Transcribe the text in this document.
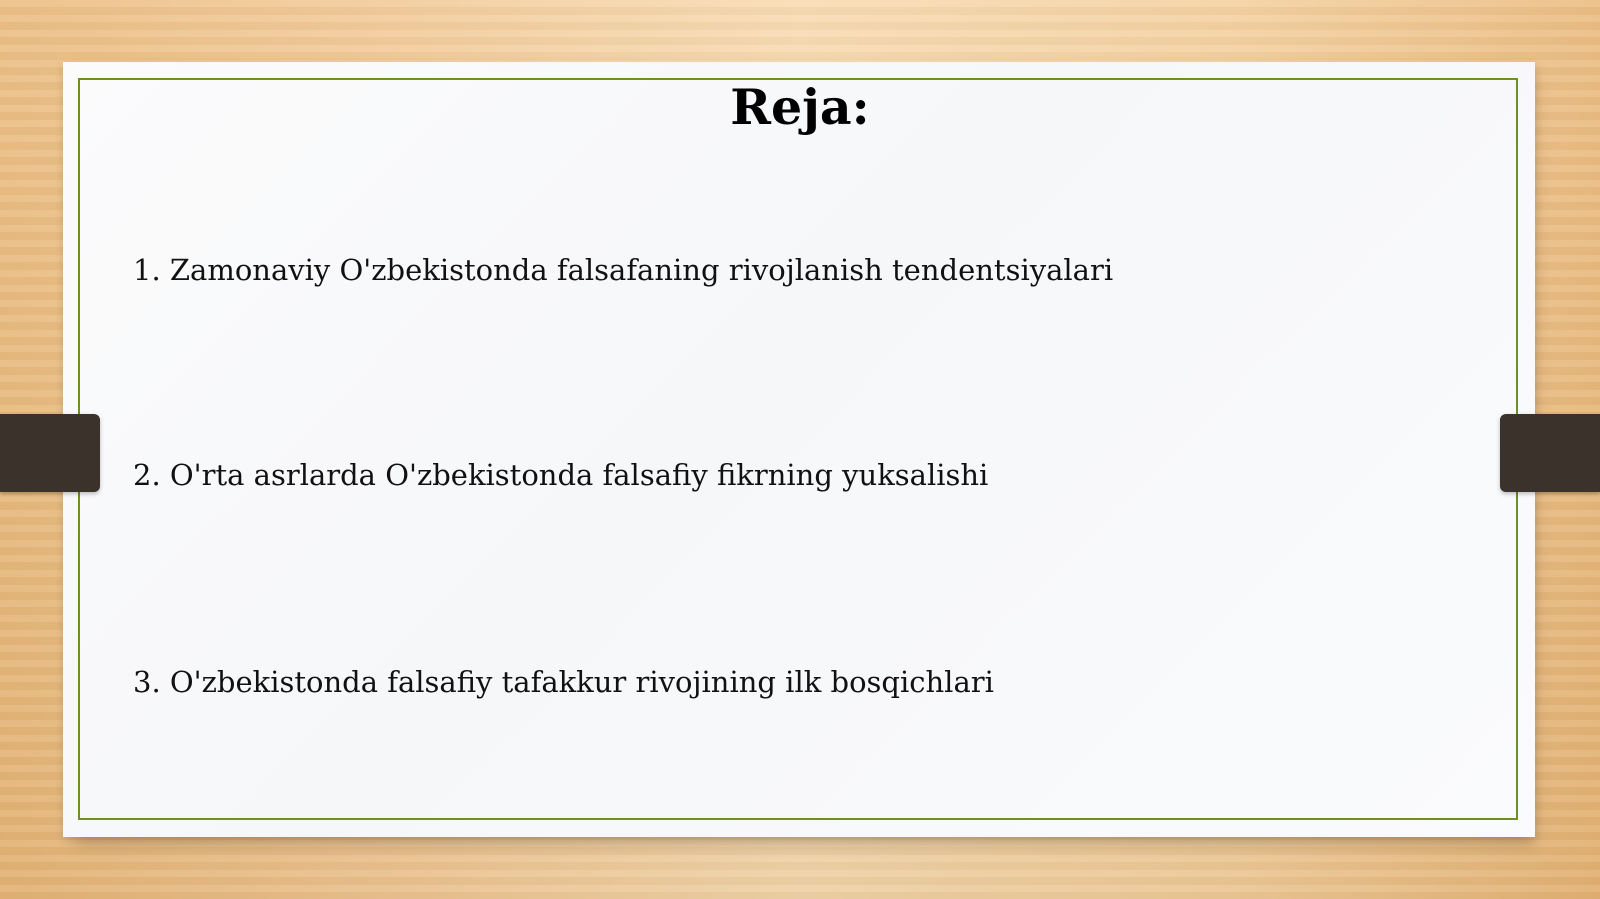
Reja:
1. Zamonaviy O'zbekistonda falsafaning rivojlanish tendentsiyalari
2. O'rta asrlarda O'zbekistonda falsafiy fikrning yuksalishi
3. O'zbekistonda falsafiy tafakkur rivojining ilk bosqichlari
